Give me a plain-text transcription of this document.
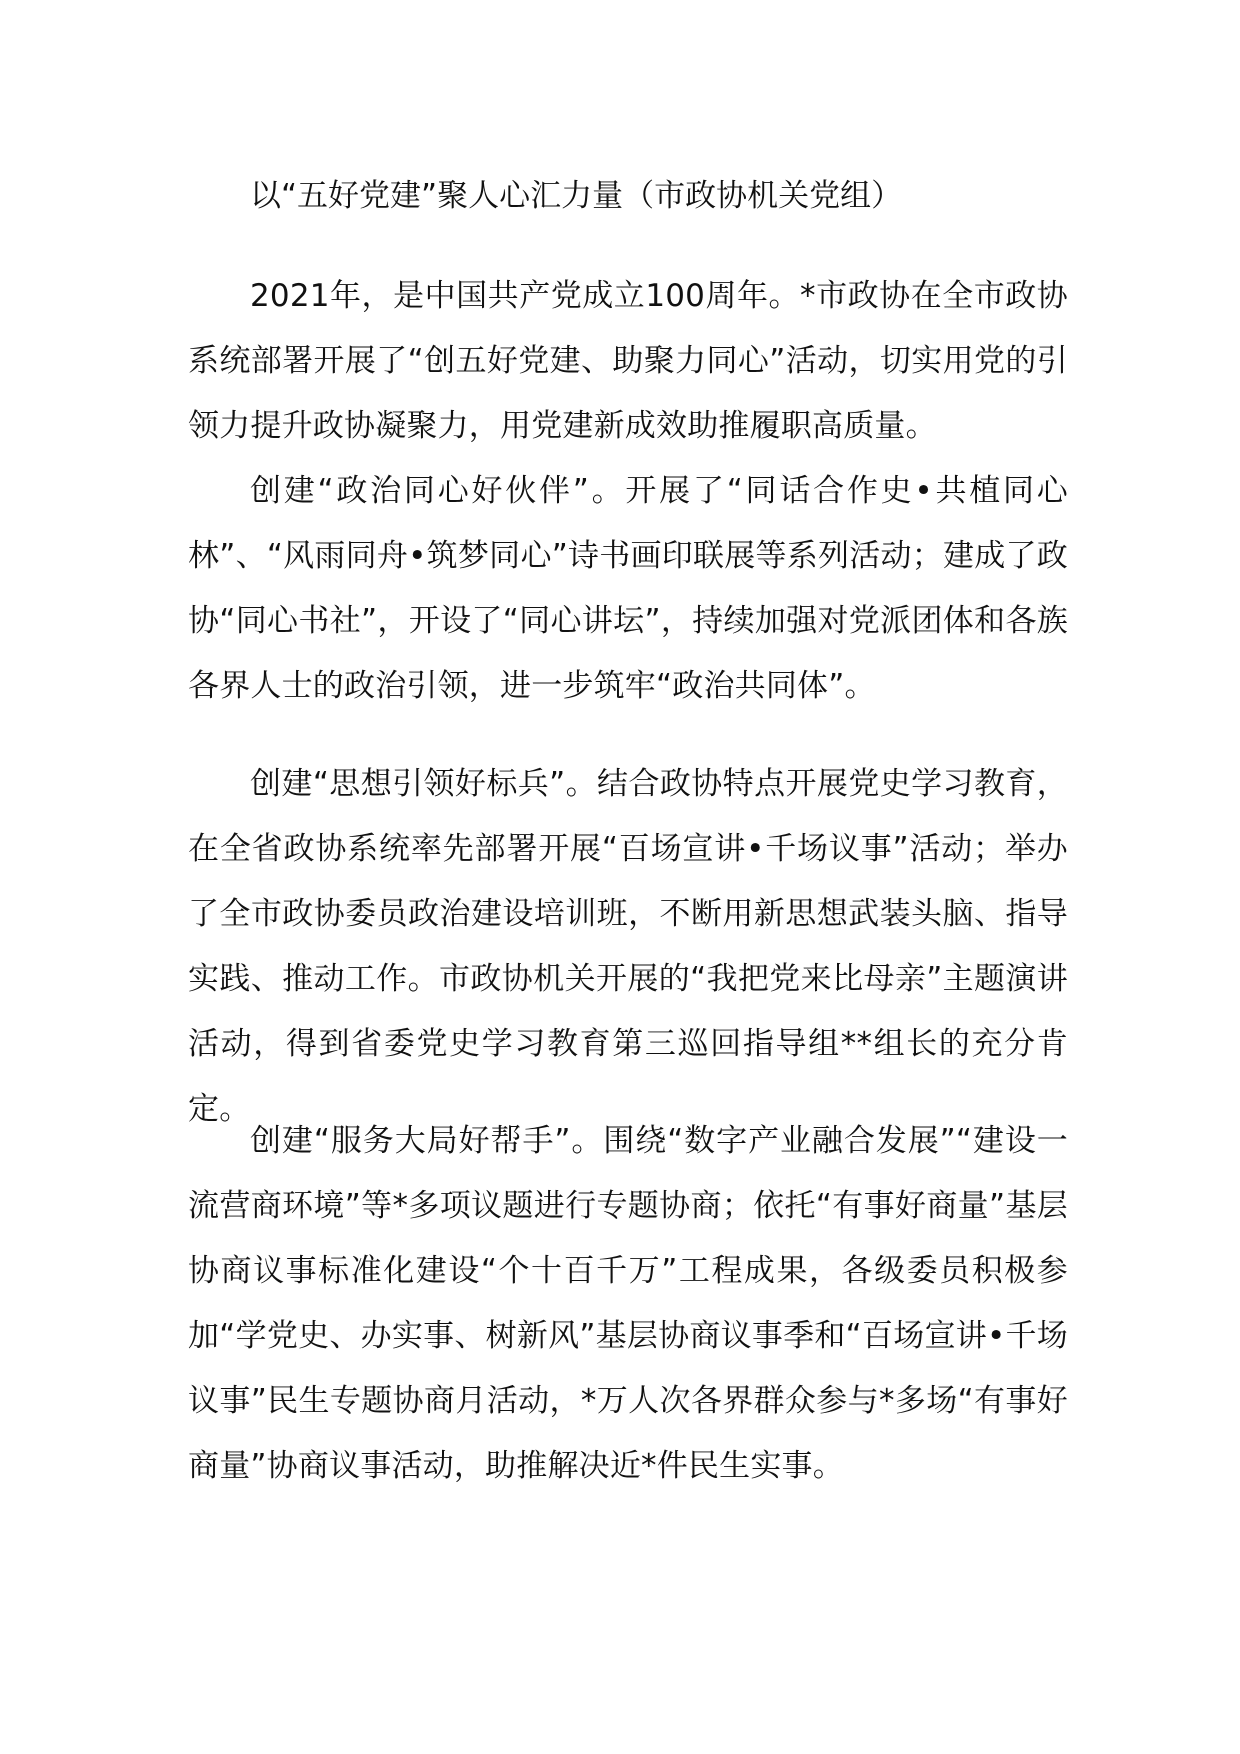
以“五好党建”聚人心汇力量（市政协机关党组）

2021年，是中国共产党成立100周年。*市政协在全市政协系统部署开展了“创五好党建、助聚力同心”活动，切实用党的引领力提升政协凝聚力，用党建新成效助推履职高质量。

创建“政治同心好伙伴”。开展了“同话合作史•共植同心林”、“风雨同舟•筑梦同心”诗书画印联展等系列活动；建成了政协“同心书社”，开设了“同心讲坛”，持续加强对党派团体和各族各界人士的政治引领，进一步筑牢“政治共同体”。

创建“思想引领好标兵”。结合政协特点开展党史学习教育，在全省政协系统率先部署开展“百场宣讲•千场议事”活动；举办了全市政协委员政治建设培训班，不断用新思想武装头脑、指导实践、推动工作。市政协机关开展的“我把党来比母亲”主题演讲活动，得到省委党史学习教育第三巡回指导组**组长的充分肯定。

创建“服务大局好帮手”。围绕“数字产业融合发展”“建设一流营商环境”等*多项议题进行专题协商；依托“有事好商量”基层协商议事标准化建设“个十百千万”工程成果，各级委员积极参加“学党史、办实事、树新风”基层协商议事季和“百场宣讲•千场议事”民生专题协商月活动，*万人次各界群众参与*多场“有事好商量”协商议事活动，助推解决近*件民生实事。
